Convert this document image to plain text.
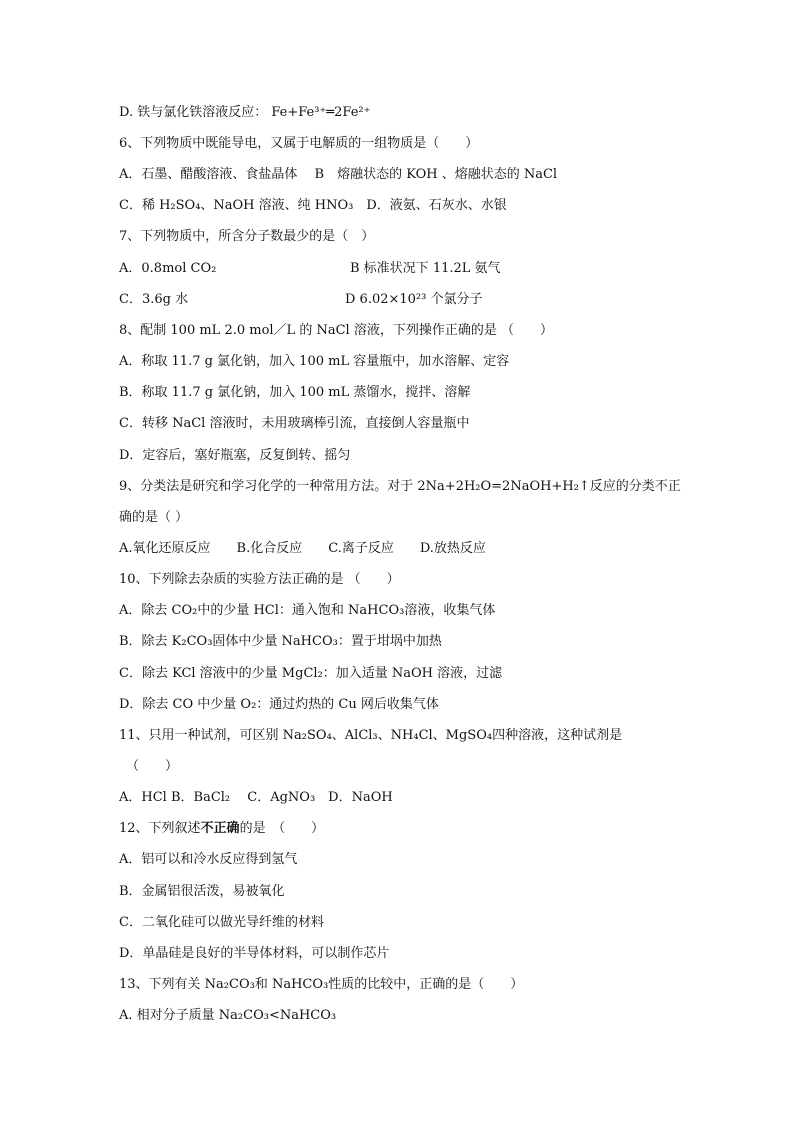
D. 铁与氯化铁溶液反应： Fe+Fe³⁺═2Fe²⁺
6、下列物质中既能导电，又属于电解质的一组物质是（　　）
A．石墨、醋酸溶液、食盐晶体　 B　熔融状态的 KOH 、熔融状态的 NaCl
C．稀 H₂SO₄、NaOH 溶液、纯 HNO₃　D．液氨、石灰水、水银
7、下列物质中，所含分子数最少的是（　）
A．0.8mol CO₂	B 标准状况下 11.2L 氨气
C．3.6g 水	D 6.02×10²³ 个氯分子
8、配制 100 mL 2.0 mol／L 的 NaCl 溶液，下列操作正确的是 （　　）
A．称取 11.7 g 氯化钠，加入 100 mL 容量瓶中，加水溶解、定容
B．称取 11.7 g 氯化钠，加入 100 mL 蒸馏水，搅拌、溶解
C．转移 NaCl 溶液时，未用玻璃棒引流，直接倒人容量瓶中
D．定容后，塞好瓶塞，反复倒转、摇匀
9、分类法是研究和学习化学的一种常用方法。对于 2Na+2H₂O=2NaOH+H₂↑反应的分类不正
确的是（ ）
A.氧化还原反应　　B.化合反应　　C.离子反应　　D.放热反应
10、下列除去杂质的实验方法正确的是 （　　）
A．除去 CO₂中的少量 HCl：通入饱和 NaHCO₃溶液，收集气体
B．除去 K₂CO₃固体中少量 NaHCO₃：置于坩埚中加热
C．除去 KCl 溶液中的少量 MgCl₂：加入适量 NaOH 溶液，过滤
D．除去 CO 中少量 O₂：通过灼热的 Cu 网后收集气体
11、只用一种试剂，可区别 Na₂SO₄、AlCl₃、NH₄Cl、MgSO₄四种溶液，这种试剂是
（　　）
A．HCl B．BaCl₂　 C．AgNO₃　D．NaOH
12、下列叙述不正确的是　（　　）
A．铝可以和冷水反应得到氢气
B．金属铝很活泼，易被氧化
C．二氧化硅可以做光导纤维的材料
D．单晶硅是良好的半导体材料，可以制作芯片
13、下列有关 Na₂CO₃和 NaHCO₃性质的比较中，正确的是（　　）
A. 相对分子质量 Na₂CO₃<NaHCO₃
